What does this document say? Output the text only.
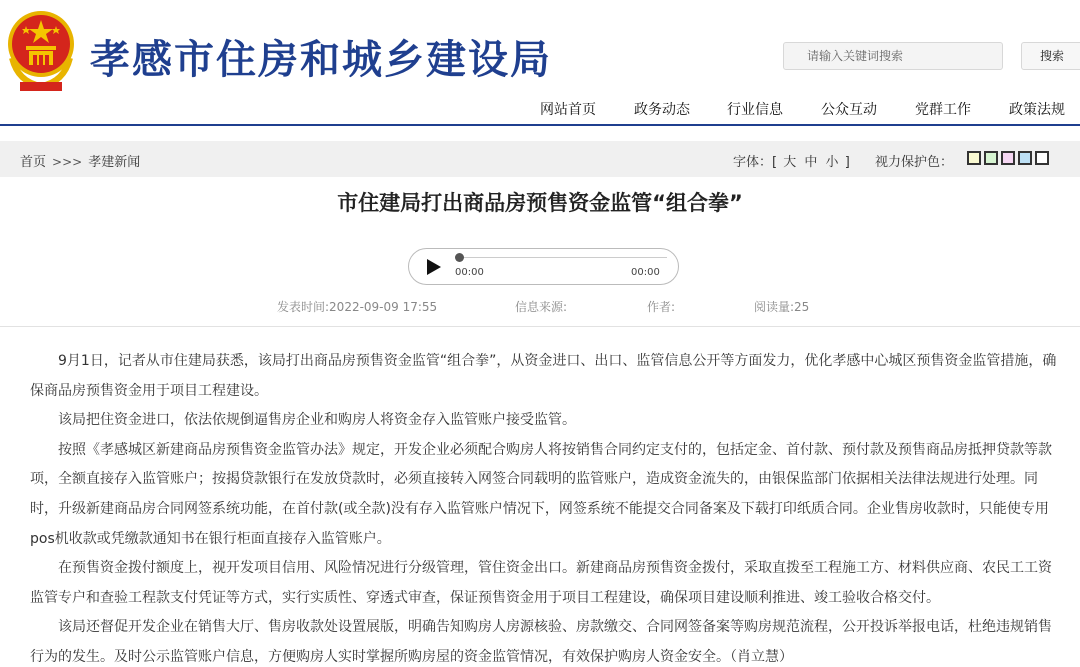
孝感市住房和城乡建设局	请输入关键词搜索	搜索
网站首页	政务动态	行业信息	公众互动	党群工作	政策法规
首页 >>> 孝建新闻	字体：[ 大 中 小 ] 视力保护色：
市住建局打出商品房预售资金监管“组合拳”
00:00	00:00
发表时间:2022-09-09 17:55	信息来源:	作者:	阅读量:25

9月1日，记者从市住建局获悉，该局打出商品房预售资金监管“组合拳”，从资金进口、出口、监管信息公开等方面发力，优化孝感中心城区预售资金监管措施，确保商品房预售资金用于项目工程建设。

该局把住资金进口，依法依规倒逼售房企业和购房人将资金存入监管账户接受监管。

按照《孝感城区新建商品房预售资金监管办法》规定，开发企业必须配合购房人将按销售合同约定支付的，包括定金、首付款、预付款及预售商品房抵押贷款等款项，全额直接存入监管账户；按揭贷款银行在发放贷款时，必须直接转入网签合同载明的监管账户，造成资金流失的，由银保监部门依据相关法律法规进行处理。同时，升级新建商品房合同网签系统功能，在首付款(或全款)没有存入监管账户情况下，网签系统不能提交合同备案及下载打印纸质合同。企业售房收款时，只能使专用pos机收款或凭缴款通知书在银行柜面直接存入监管账户。

在预售资金拨付额度上，视开发项目信用、风险情况进行分级管理，管住资金出口。新建商品房预售资金拨付，采取直拨至工程施工方、材料供应商、农民工工资监管专户和查验工程款支付凭证等方式，实行实质性、穿透式审查，保证预售资金用于项目工程建设，确保项目建设顺利推进、竣工验收合格交付。

该局还督促开发企业在销售大厅、售房收款处设置展版，明确告知购房人房源核验、房款缴交、合同网签备案等购房规范流程，公开投诉举报电话，杜绝违规销售行为的发生。及时公示监管账户信息，方便购房人实时掌握所购房屋的资金监管情况，有效保护购房人资金安全。（肖立慧）
